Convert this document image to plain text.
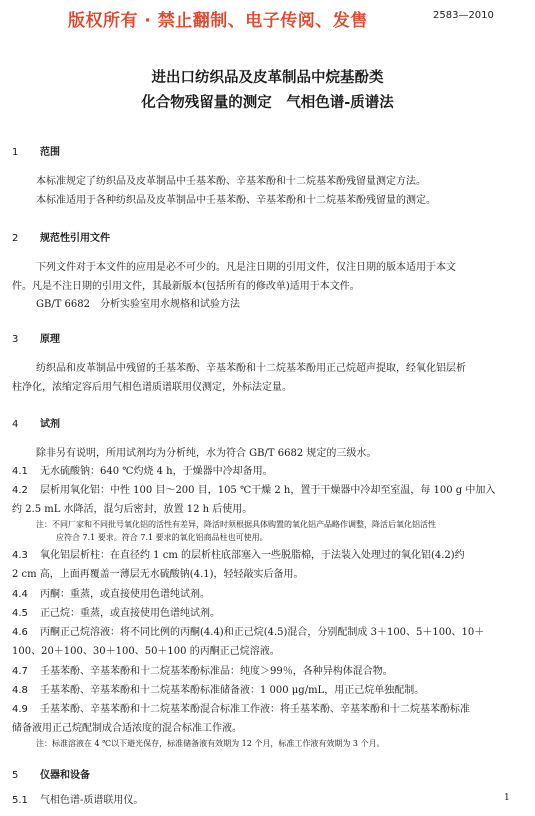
版权所有 · 禁止翻制、电子传阅、发售	2583—2010
进出口纺织品及皮革制品中烷基酚类
化合物残留量的测定　气相色谱-质谱法
1 范围
本标准规定了纺织品及皮革制品中壬基苯酚、辛基苯酚和十二烷基苯酚残留量测定方法。
本标准适用于各种纺织品及皮革制品中壬基苯酚、辛基苯酚和十二烷基苯酚残留量的测定。
2 规范性引用文件
下列文件对于本文件的应用是必不可少的。凡是注日期的引用文件，仅注日期的版本适用于本文
件。凡是不注日期的引用文件，其最新版本(包括所有的修改单)适用于本文件。
GB/T 6682　分析实验室用水规格和试验方法
3 原理
纺织品和皮革制品中残留的壬基苯酚、辛基苯酚和十二烷基苯酚用正己烷超声提取，经氧化铝层析
柱净化，浓缩定容后用气相色谱质谱联用仪测定，外标法定量。
4 试剂
除非另有说明，所用试剂均为分析纯，水为符合 GB/T 6682 规定的三级水。
4.1 无水硫酸钠：640 ℃灼烧 4 h，于燥器中冷却备用。
4.2 层析用氧化铝：中性 100 目～200 目，105 ℃干燥 2 h，置于干燥器中冷却至室温，每 100 g 中加入
约 2.5 mL 水降活，混匀后密封，放置 12 h 后使用。
注：不同厂家和不同批号氧化铝的活性有差异，降活时须根据具体购置的氧化铝产品略作调整，降活后氧化铝活性
应符合 7.1 要求。符合 7.1 要求的氧化铝商品柱也可使用。
4.3 氧化铝层析柱：在直径约 1 cm 的层析柱底部塞入一些脱脂棉，于法装入处理过的氧化铝(4.2)约
2 cm 高，上面再覆盖一薄层无水硫酸钠(4.1)，轻轻敲实后备用。
4.4 丙酮：重蒸，或直接使用色谱纯试剂。
4.5 正己烷：重蒸，或直接使用色谱纯试剂。
4.6 丙酮正己烷溶液：将不同比例的丙酮(4.4)和正己烷(4.5)混合，分别配制成 3＋100、5＋100、10＋
100、20＋100、30＋100、50＋100 的丙酮正己烷溶液。
4.7 壬基苯酚、辛基苯酚和十二烷基苯酚标准品：纯度＞99％，各种异构体混合物。
4.8 壬基苯酚、辛基苯酚和十二烷基苯酚标准储备液：1 000 μg/mL，用正己烷单独配制。
4.9 壬基苯酚、辛基苯酚和十二烷基苯酚混合标准工作液：将壬基苯酚、辛基苯酚和十二烷基苯酚标准
储备液用正己烷配制成合适浓度的混合标准工作液。
注：标准溶液在 4 ℃以下避光保存，标准储备液有效期为 12 个月，标准工作液有效期为 3 个月。
5 仪器和设备
5.1 气相色谱-质谱联用仪。	1
